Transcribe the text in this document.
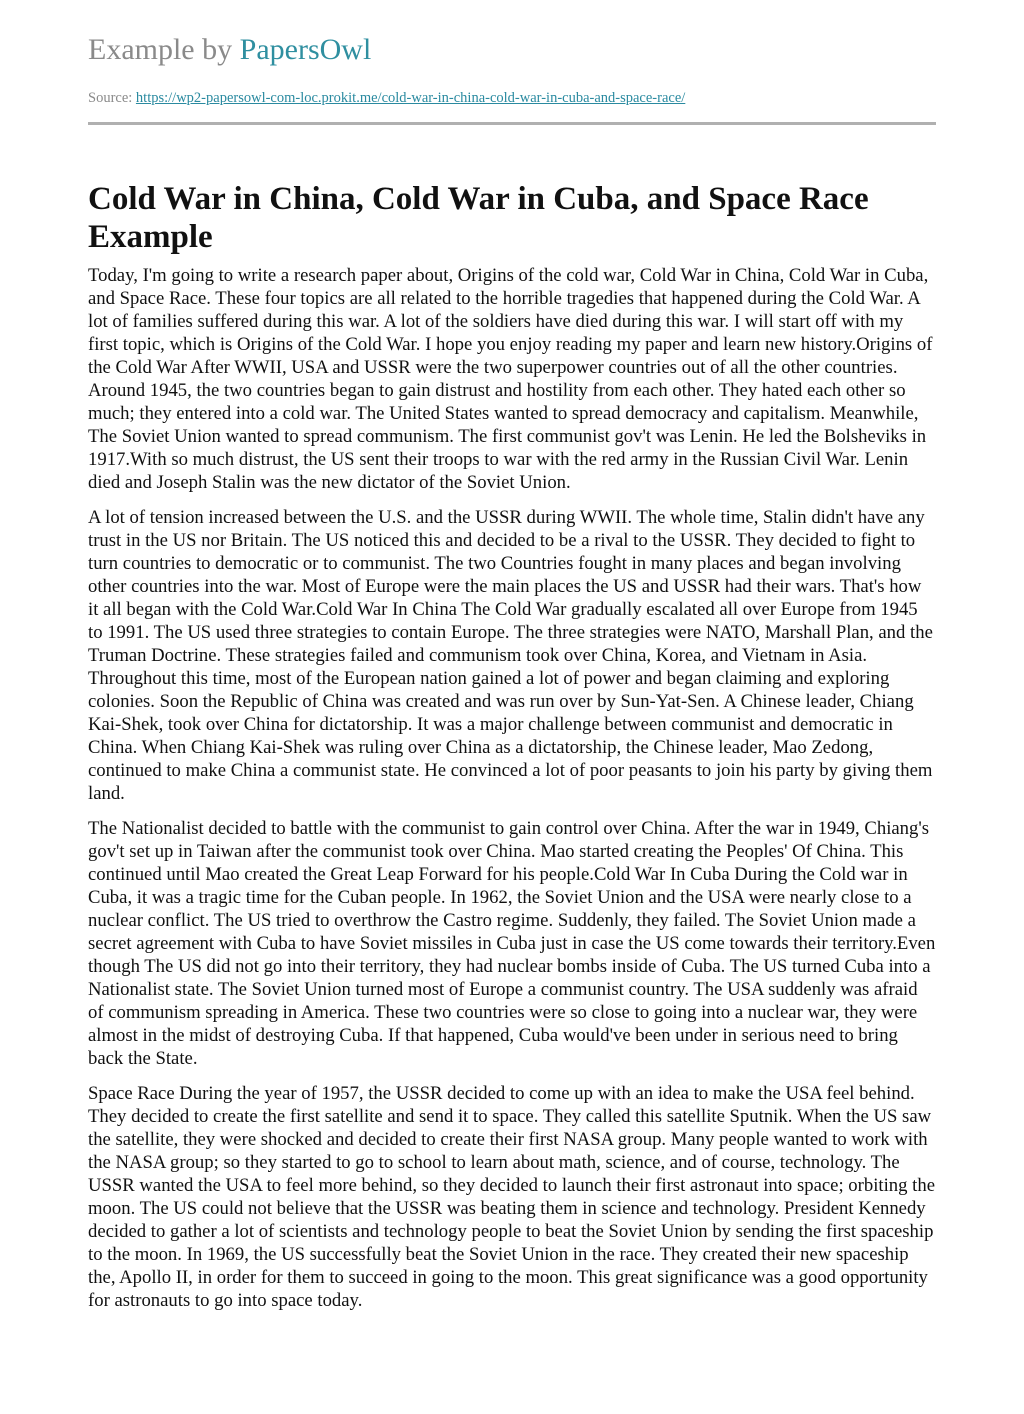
Example by PapersOwl
Source: https://wp2-papersowl-com-loc.prokit.me/cold-war-in-china-cold-war-in-cuba-and-space-race/
Cold War in China, Cold War in Cuba, and Space Race Example

Today, I'm going to write a research paper about, Origins of the cold war, Cold War in China, Cold War in Cuba, and Space Race. These four topics are all related to the horrible tragedies that happened during the Cold War. A lot of families suffered during this war. A lot of the soldiers have died during this war. I will start off with my first topic, which is Origins of the Cold War. I hope you enjoy reading my paper and learn new history.Origins of the Cold War After WWII, USA and USSR were the two superpower countries out of all the other countries. Around 1945, the two countries began to gain distrust and hostility from each other. They hated each other so much; they entered into a cold war. The United States wanted to spread democracy and capitalism. Meanwhile, The Soviet Union wanted to spread communism. The first communist gov't was Lenin. He led the Bolsheviks in 1917.With so much distrust, the US sent their troops to war with the red army in the Russian Civil War. Lenin died and Joseph Stalin was the new dictator of the Soviet Union.

A lot of tension increased between the U.S. and the USSR during WWII. The whole time, Stalin didn't have any trust in the US nor Britain. The US noticed this and decided to be a rival to the USSR. They decided to fight to turn countries to democratic or to communist. The two Countries fought in many places and began involving other countries into the war. Most of Europe were the main places the US and USSR had their wars. That's how it all began with the Cold War.Cold War In China The Cold War gradually escalated all over Europe from 1945 to 1991. The US used three strategies to contain Europe. The three strategies were NATO, Marshall Plan, and the Truman Doctrine. These strategies failed and communism took over China, Korea, and Vietnam in Asia. Throughout this time, most of the European nation gained a lot of power and began claiming and exploring colonies. Soon the Republic of China was created and was run over by Sun-Yat-Sen. A Chinese leader, Chiang Kai-Shek, took over China for dictatorship. It was a major challenge between communist and democratic in China. When Chiang Kai-Shek was ruling over China as a dictatorship, the Chinese leader, Mao Zedong, continued to make China a communist state. He convinced a lot of poor peasants to join his party by giving them land.

The Nationalist decided to battle with the communist to gain control over China. After the war in 1949, Chiang's gov't set up in Taiwan after the communist took over China. Mao started creating the Peoples' Of China. This continued until Mao created the Great Leap Forward for his people.Cold War In Cuba During the Cold war in Cuba, it was a tragic time for the Cuban people. In 1962, the Soviet Union and the USA were nearly close to a nuclear conflict. The US tried to overthrow the Castro regime. Suddenly, they failed. The Soviet Union made a secret agreement with Cuba to have Soviet missiles in Cuba just in case the US come towards their territory.Even though The US did not go into their territory, they had nuclear bombs inside of Cuba. The US turned Cuba into a Nationalist state. The Soviet Union turned most of Europe a communist country. The USA suddenly was afraid of communism spreading in America. These two countries were so close to going into a nuclear war, they were almost in the midst of destroying Cuba. If that happened, Cuba would've been under in serious need to bring back the State.

Space Race During the year of 1957, the USSR decided to come up with an idea to make the USA feel behind. They decided to create the first satellite and send it to space. They called this satellite Sputnik. When the US saw the satellite, they were shocked and decided to create their first NASA group. Many people wanted to work with the NASA group; so they started to go to school to learn about math, science, and of course, technology. The USSR wanted the USA to feel more behind, so they decided to launch their first astronaut into space; orbiting the moon. The US could not believe that the USSR was beating them in science and technology. President Kennedy decided to gather a lot of scientists and technology people to beat the Soviet Union by sending the first spaceship to the moon. In 1969, the US successfully beat the Soviet Union in the race. They created their new spaceship the, Apollo II, in order for them to succeed in going to the moon. This great significance was a good opportunity for astronauts to go into space today.
